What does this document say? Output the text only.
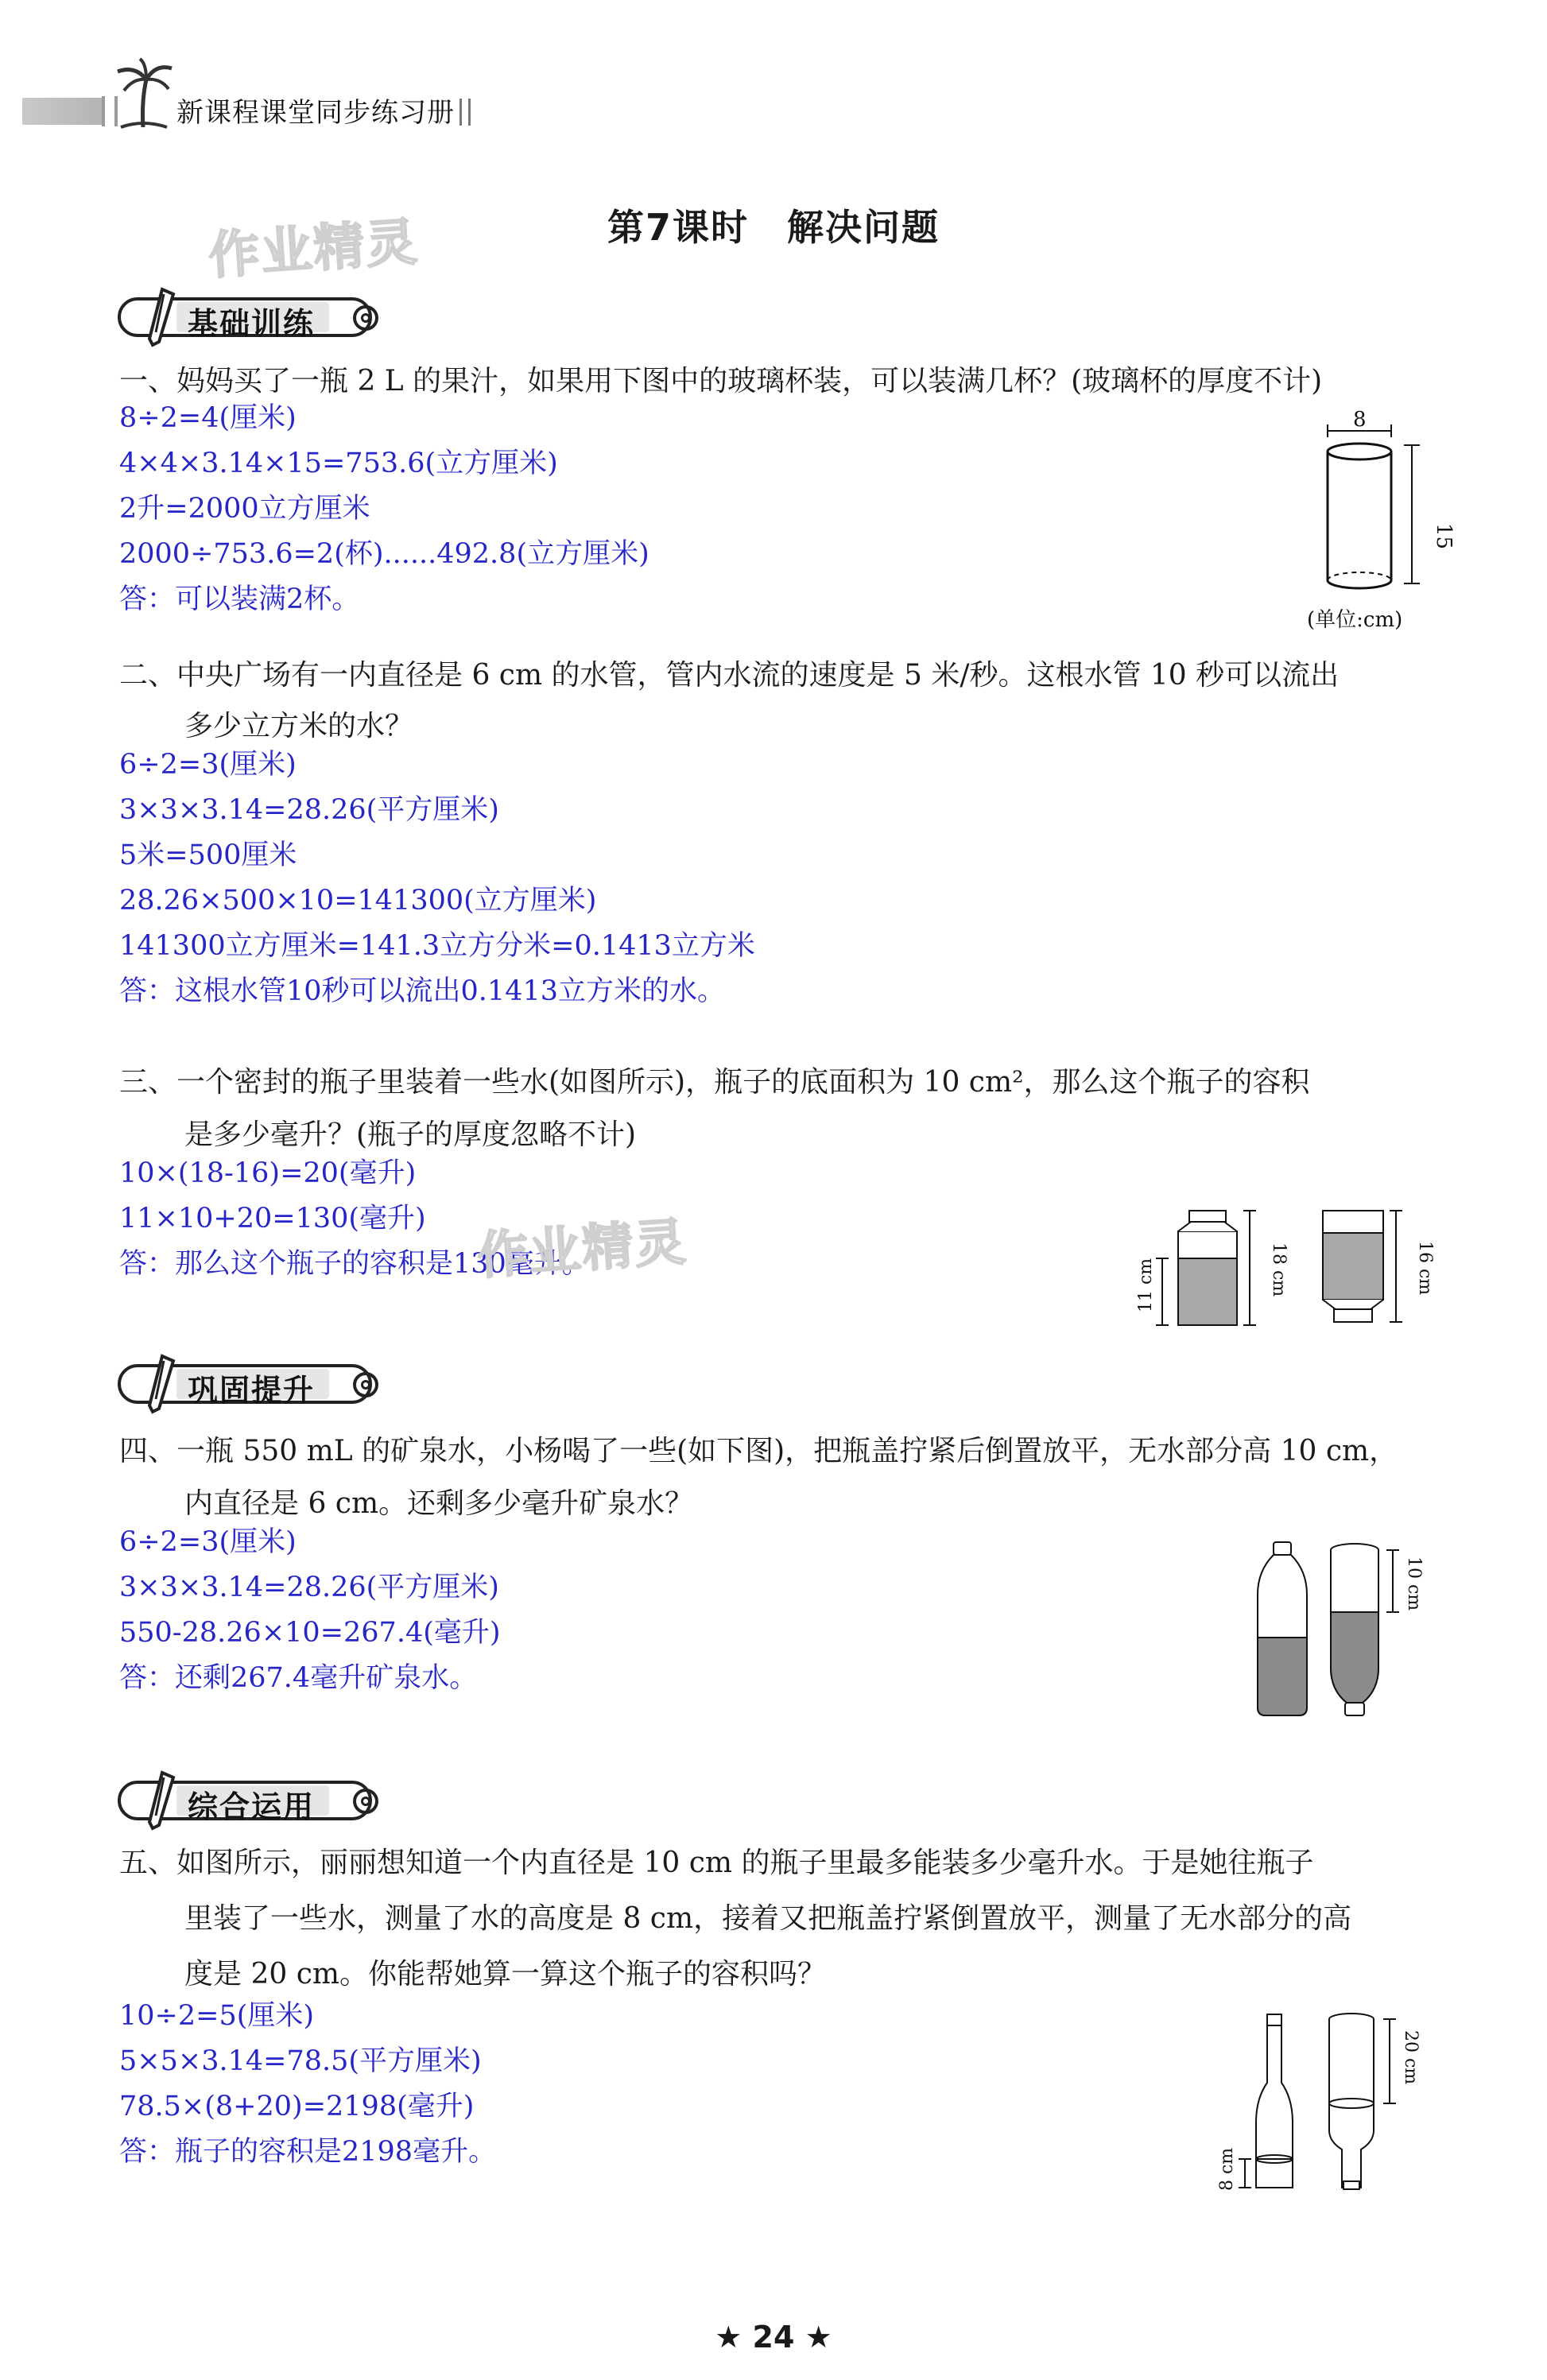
新课程课堂同步练习册
作业精灵	第7课时　解决问题
基础训练
一、妈妈买了一瓶 2 L 的果汁，如果用下图中的玻璃杯装，可以装满几杯？(玻璃杯的厚度不计)
8÷2=4(厘米)
4×4×3.14×15=753.6(立方厘米)
2升=2000立方厘米
2000÷753.6=2(杯)......492.8(立方厘米)
答：可以装满2杯。
8
15
(单位:cm)
二、中央广场有一内直径是 6 cm 的水管，管内水流的速度是 5 米/秒。这根水管 10 秒可以流出
多少立方米的水？
6÷2=3(厘米)
3×3×3.14=28.26(平方厘米)
5米=500厘米
28.26×500×10=141300(立方厘米)
141300立方厘米=141.3立方分米=0.1413立方米
答：这根水管10秒可以流出0.1413立方米的水。
三、一个密封的瓶子里装着一些水(如图所示)，瓶子的底面积为 10 cm²，那么这个瓶子的容积
是多少毫升？(瓶子的厚度忽略不计)
10×(18-16)=20(毫升)
11×10+20=130(毫升)
答：那么这个瓶子的容积是130毫升。
作业精灵	11 cm	18 cm	16 cm
巩固提升
四、一瓶 550 mL 的矿泉水，小杨喝了一些(如下图)，把瓶盖拧紧后倒置放平，无水部分高 10 cm，
内直径是 6 cm。还剩多少毫升矿泉水？
6÷2=3(厘米)
3×3×3.14=28.26(平方厘米)
550-28.26×10=267.4(毫升)
答：还剩267.4毫升矿泉水。
10 cm
综合运用
五、如图所示，丽丽想知道一个内直径是 10 cm 的瓶子里最多能装多少毫升水。于是她往瓶子
里装了一些水，测量了水的高度是 8 cm，接着又把瓶盖拧紧倒置放平，测量了无水部分的高
度是 20 cm。你能帮她算一算这个瓶子的容积吗？
10÷2=5(厘米)
5×5×3.14=78.5(平方厘米)
78.5×(8+20)=2198(毫升)
答：瓶子的容积是2198毫升。	8 cm
20 cm
★ 24 ★
